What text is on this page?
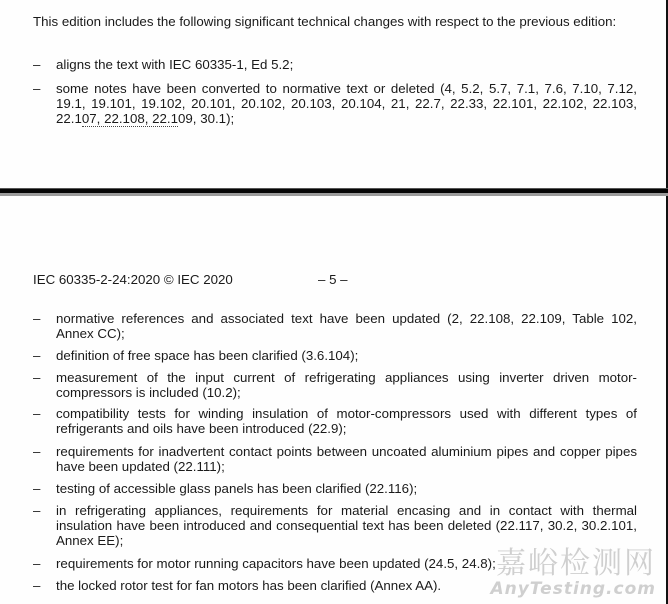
This edition includes the following significant technical changes with respect to the previous edition:
–	aligns the text with IEC 60335-1, Ed 5.2;
–	some notes have been converted to normative text or deleted (4, 5.2, 5.7, 7.1, 7.6, 7.10, 7.12, 19.1, 19.101, 19.102, 20.101, 20.102, 20.103, 20.104, 21, 22.7, 22.33, 22.101, 22.102, 22.103, 22.107, 22.108, 22.109, 30.1);
IEC 60335-2-24:2020 © IEC 2020	– 5 –
–	normative references and associated text have been updated (2, 22.108, 22.109, Table 102, Annex CC);
–	definition of free space has been clarified (3.6.104);
–	measurement of the input current of refrigerating appliances using inverter driven motor-compressors is included (10.2);
–	compatibility tests for winding insulation of motor-compressors used with different types of refrigerants and oils have been introduced (22.9);
–	requirements for inadvertent contact points between uncoated aluminium pipes and copper pipes have been updated (22.111);
–	testing of accessible glass panels has been clarified (22.116);
–	in refrigerating appliances, requirements for material encasing and in contact with thermal insulation have been introduced and consequential text has been deleted (22.117, 30.2, 30.2.101, Annex EE);
–	requirements for motor running capacitors have been updated (24.5, 24.8);
–	the locked rotor test for fan motors has been clarified (Annex AA).
嘉峪检测网
AnyTesting.com
